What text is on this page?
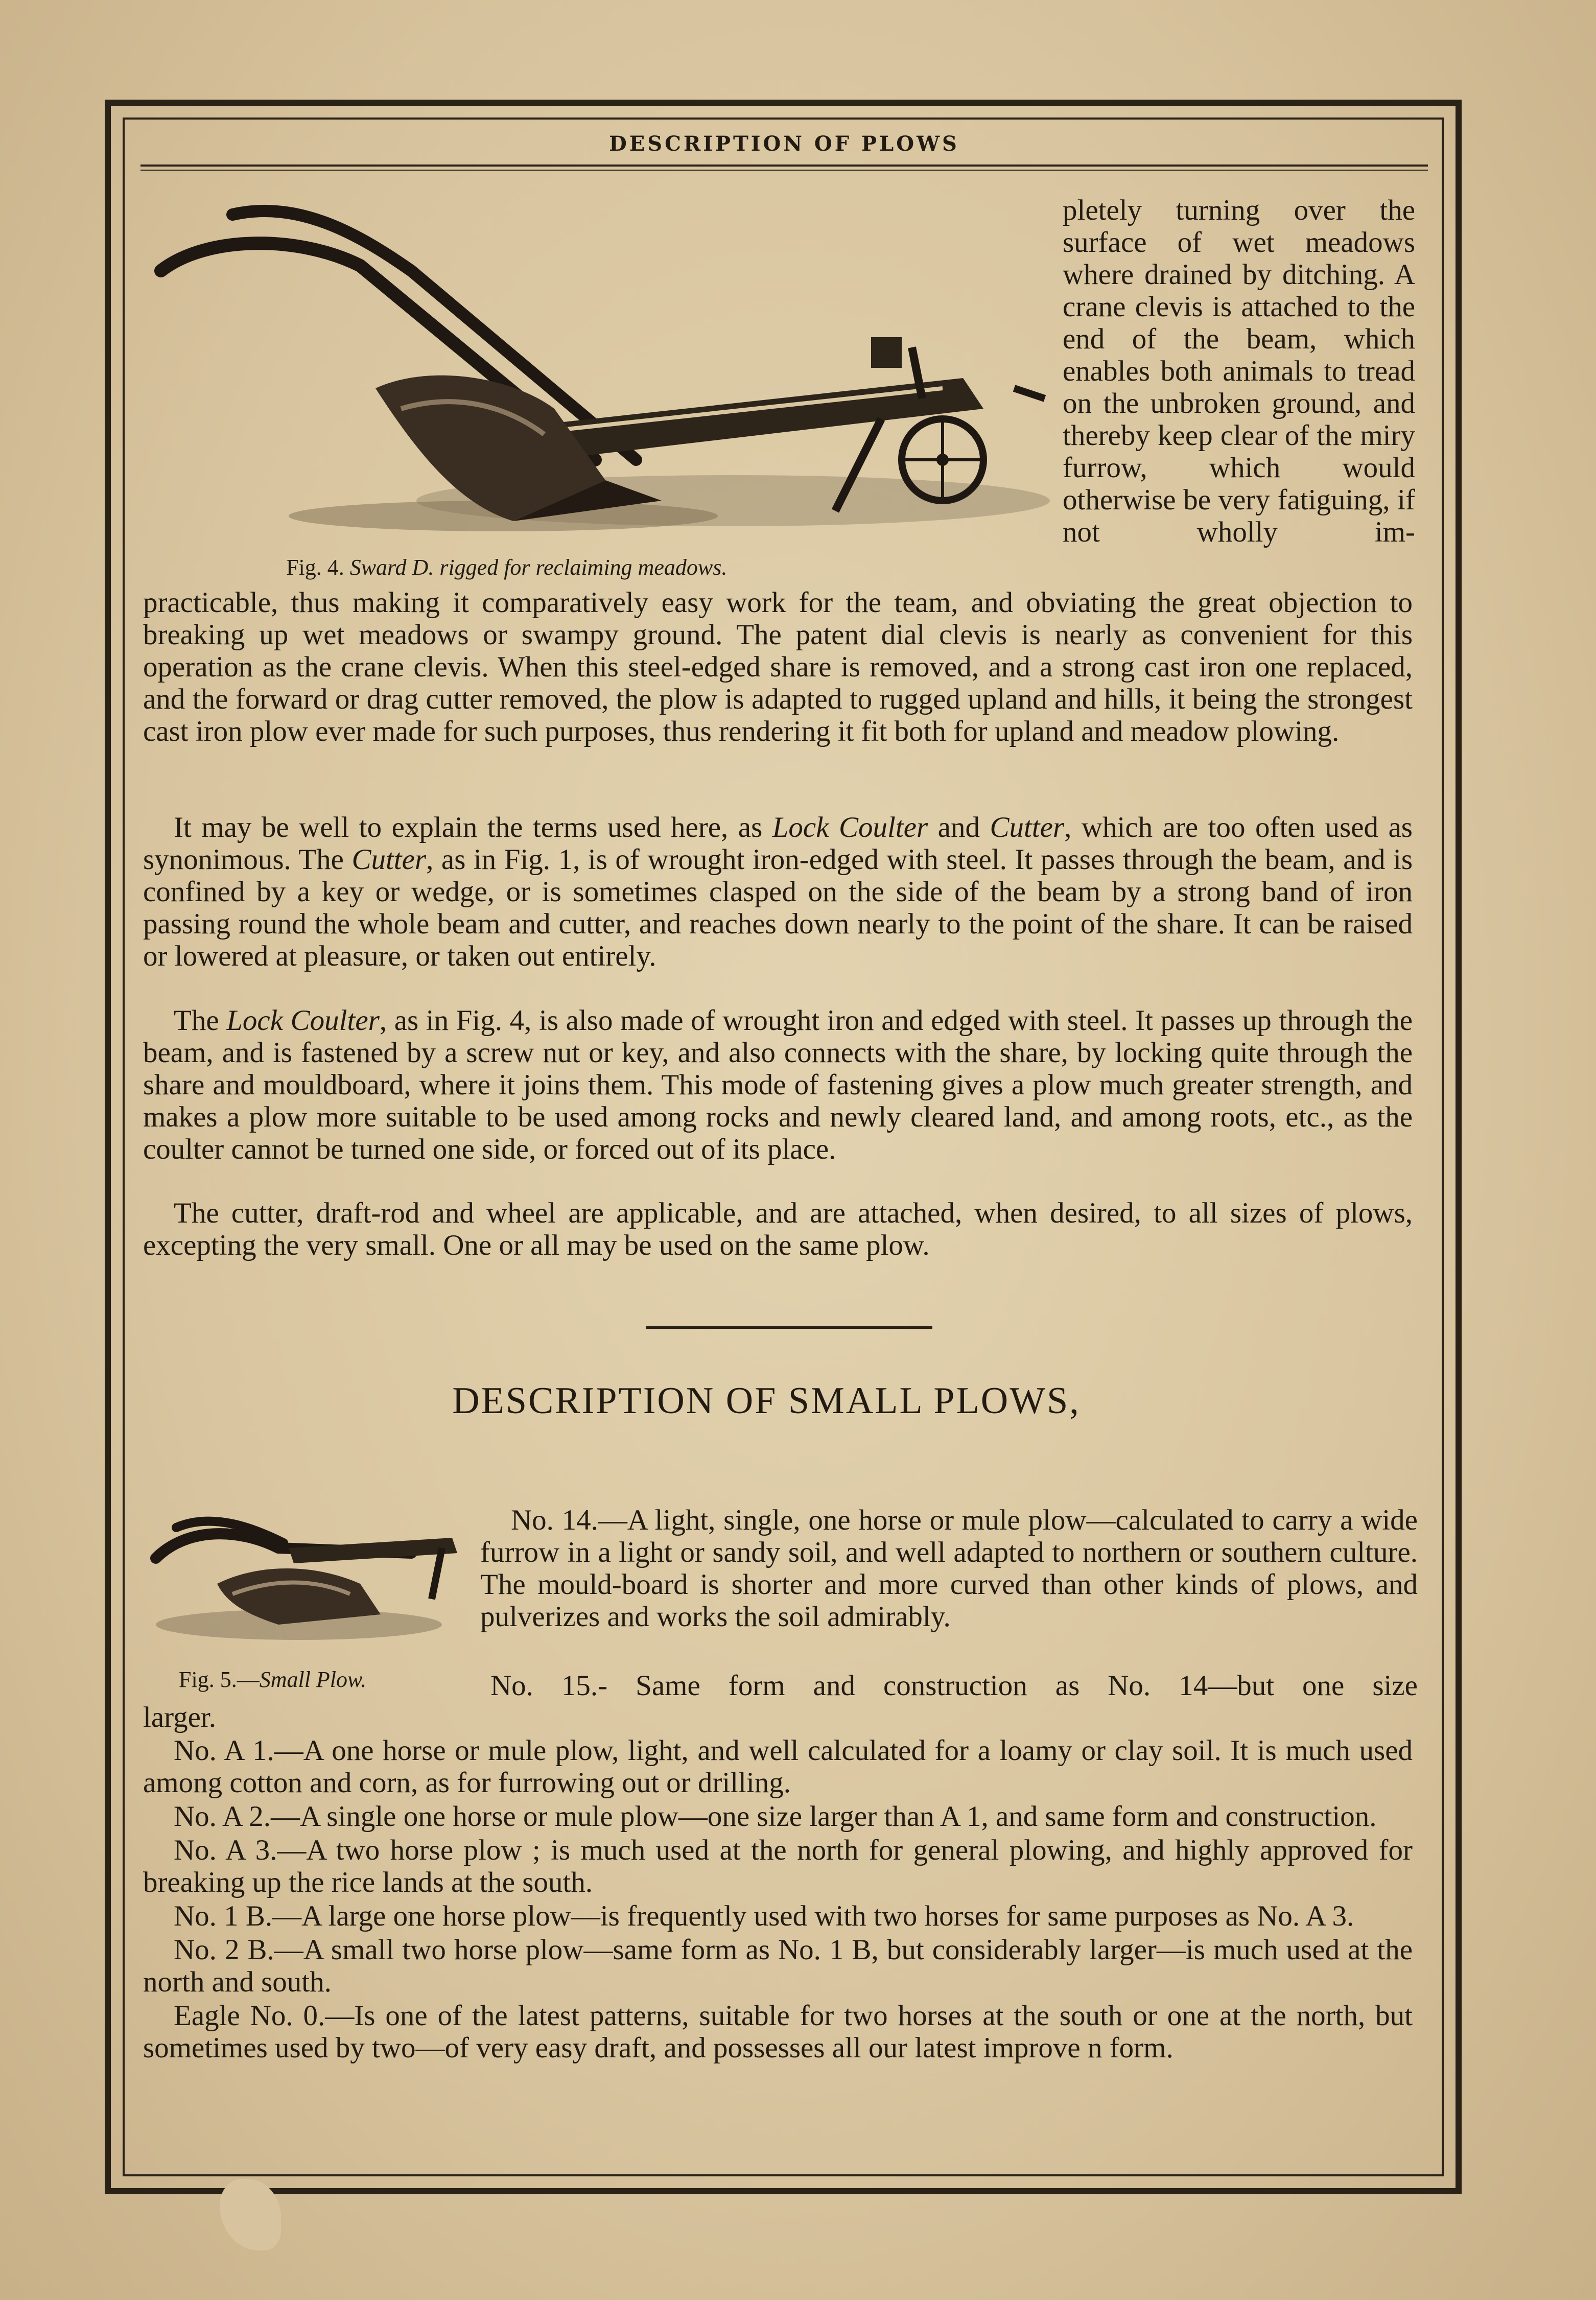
DESCRIPTION OF PLOWS
Fig. 4. Sward D. rigged for reclaiming meadows.
pletely turning over the surface of wet meadows where drained by ditching. A crane clevis is attached to the end of the beam, which enables both animals to tread on the unbroken ground, and thereby keep clear of the miry furrow, which would otherwise be very fatiguing, if not wholly im-
practicable, thus making it comparatively easy work for the team, and obviating the great objection to breaking up wet meadows or swampy ground. The patent dial clevis is nearly as convenient for this operation as the crane clevis. When this steel-edged share is removed, and a strong cast iron one replaced, and the forward or drag cutter removed, the plow is adapted to rugged upland and hills, it being the strongest cast iron plow ever made for such purposes, thus rendering it fit both for upland and meadow plowing.
It may be well to explain the terms used here, as Lock Coulter and Cutter, which are too often used as synonimous. The Cutter, as in Fig. 1, is of wrought iron-edged with steel. It passes through the beam, and is confined by a key or wedge, or is sometimes clasped on the side of the beam by a strong band of iron passing round the whole beam and cutter, and reaches down nearly to the point of the share. It can be raised or lowered at pleasure, or taken out entirely.
The Lock Coulter, as in Fig. 4, is also made of wrought iron and edged with steel. It passes up through the beam, and is fastened by a screw nut or key, and also connects with the share, by locking quite through the share and mouldboard, where it joins them. This mode of fastening gives a plow much greater strength, and makes a plow more suitable to be used among rocks and newly cleared land, and among roots, etc., as the coulter cannot be turned one side, or forced out of its place.
The cutter, draft-rod and wheel are applicable, and are attached, when desired, to all sizes of plows, excepting the very small. One or all may be used on the same plow.
DESCRIPTION OF SMALL PLOWS,
Fig. 5.—Small Plow.
No. 14.—A light, single, one horse or mule plow—calculated to carry a wide furrow in a light or sandy soil, and well adapted to northern or southern culture. The mould-board is shorter and more curved than other kinds of plows, and pulverizes and works the soil admirably.
No. 15.- Same form and construction as No. 14—but one size
larger.

No. A 1.—A one horse or mule plow, light, and well calculated for a loamy or clay soil. It is much used among cotton and corn, as for furrowing out or drilling.

No. A 2.—A single one horse or mule plow—one size larger than A 1, and same form and construction.

No. A 3.—A two horse plow ; is much used at the north for general plowing, and highly approved for breaking up the rice lands at the south.

No. 1 B.—A large one horse plow—is frequently used with two horses for same purposes as No. A 3.

No. 2 B.—A small two horse plow—same form as No. 1 B, but considerably larger—is much used at the north and south.

Eagle No. 0.—Is one of the latest patterns, suitable for two horses at the south or one at the north, but sometimes used by two—of very easy draft, and possesses all our latest improve n form.
